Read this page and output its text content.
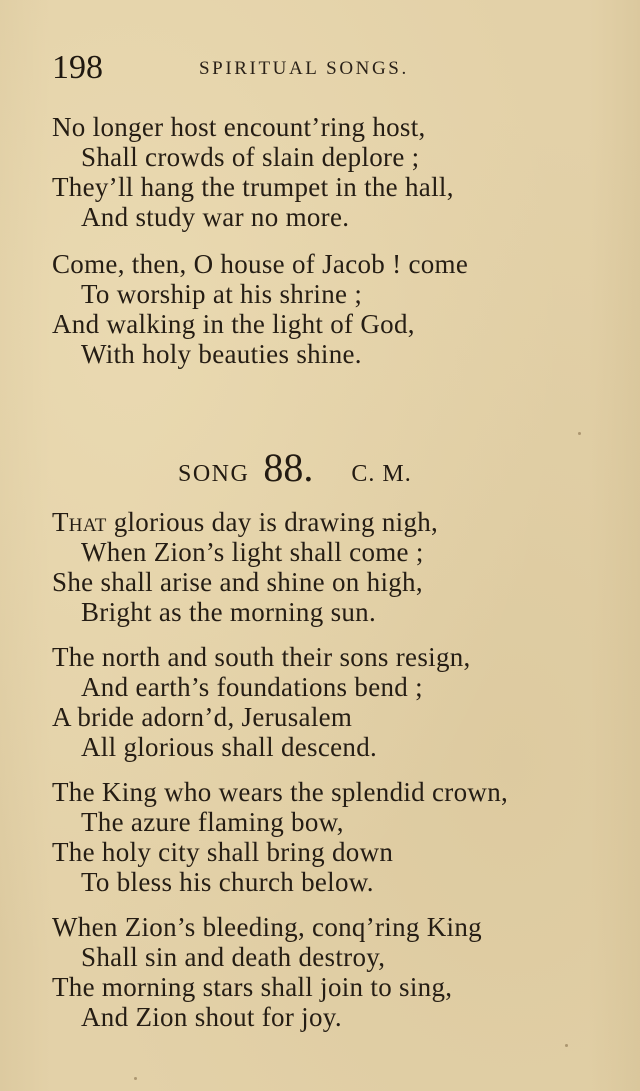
198	SPIRITUAL SONGS.
No longer host encount’ring host,
Shall crowds of slain deplore ;
They’ll hang the trumpet in the hall,
And study war no more.
Come, then, O house of Jacob ! come
To worship at his shrine ;
And walking in the light of God,
With holy beauties shine.
SONG 88. C. M.
That glorious day is drawing nigh,
When Zion’s light shall come ;
She shall arise and shine on high,
Bright as the morning sun.
The north and south their sons resign,
And earth’s foundations bend ;
A bride adorn’d, Jerusalem
All glorious shall descend.
The King who wears the splendid crown,
The azure flaming bow,
The holy city shall bring down
To bless his church below.
When Zion’s bleeding, conq’ring King
Shall sin and death destroy,
The morning stars shall join to sing,
And Zion shout for joy.
